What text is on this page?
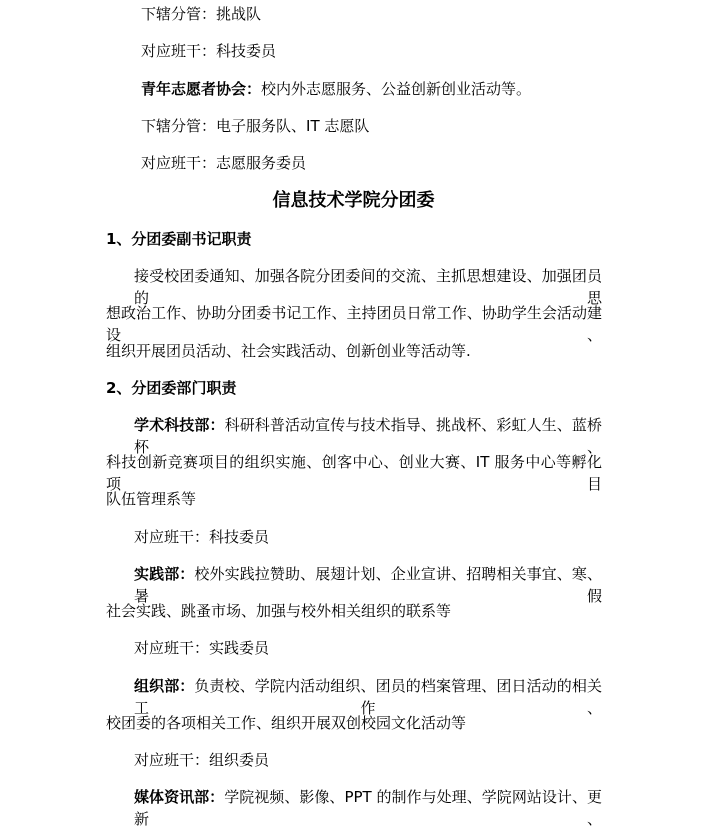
下辖分管：挑战队
对应班干：科技委员
青年志愿者协会：校内外志愿服务、公益创新创业活动等。
下辖分管：电子服务队、IT 志愿队
对应班干：志愿服务委员
信息技术学院分团委
1、分团委副书记职责
接受校团委通知、加强各院分团委间的交流、主抓思想建设、加强团员的思
想政治工作、协助分团委书记工作、主持团员日常工作、协助学生会活动建设、
组织开展团员活动、社会实践活动、创新创业等活动等.
2、分团委部门职责
学术科技部：科研科普活动宣传与技术指导、挑战杯、彩虹人生、蓝桥杯、
科技创新竞赛项目的组织实施、创客中心、创业大赛、IT 服务中心等孵化项目
队伍管理系等
对应班干：科技委员
实践部：校外实践拉赞助、展翅计划、企业宣讲、招聘相关事宜、寒、暑假
社会实践、跳蚤市场、加强与校外相关组织的联系等
对应班干：实践委员
组织部：负责校、学院内活动组织、团员的档案管理、团日活动的相关工作、
校团委的各项相关工作、组织开展双创校园文化活动等
对应班干：组织委员
媒体资讯部：学院视频、影像、PPT 的制作与处理、学院网站设计、更新、
